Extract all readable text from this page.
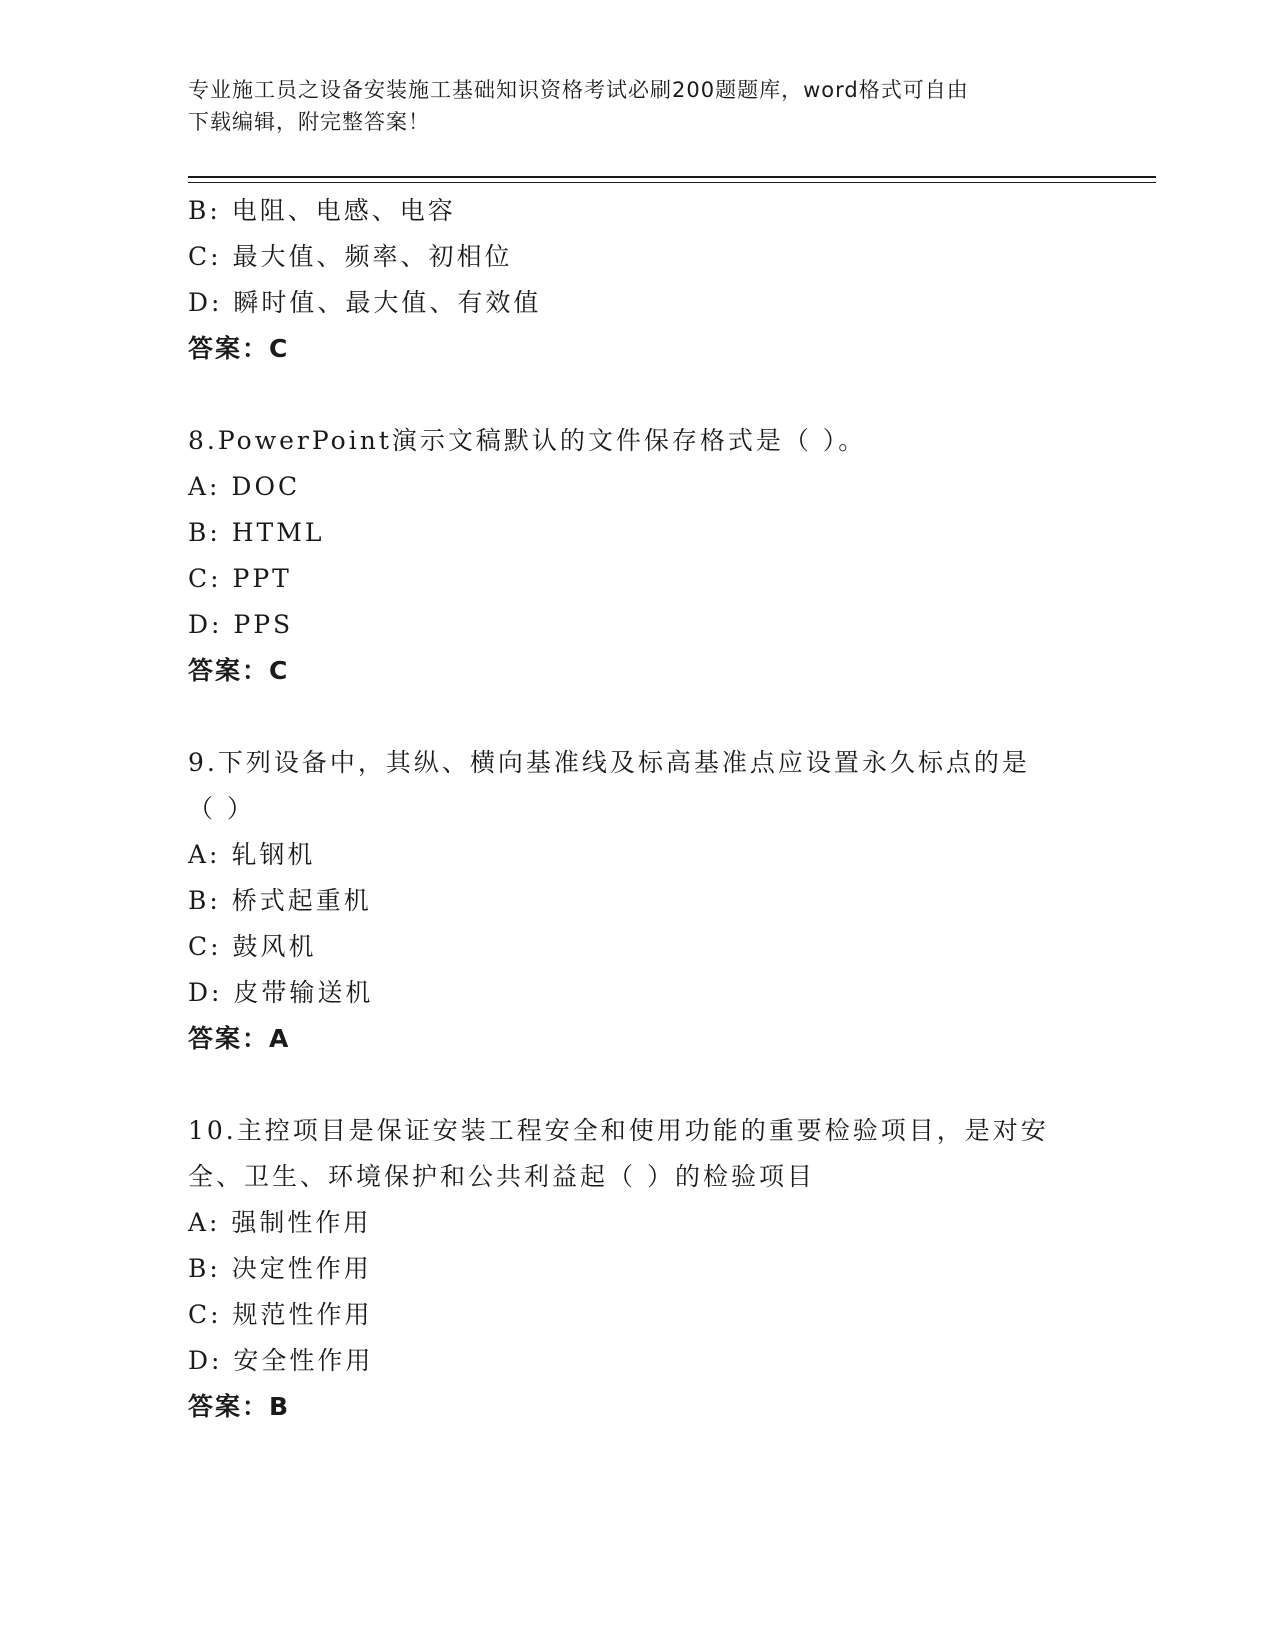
专业施工员之设备安装施工基础知识资格考试必刷200题题库，word格式可自由
下载编辑，附完整答案！
B: 电阻、电感、电容
C: 最大值、频率、初相位
D: 瞬时值、最大值、有效值
答案：C
8.PowerPoint演示文稿默认的文件保存格式是（ ）。
A: DOC
B: HTML
C: PPT
D: PPS
答案：C
9.下列设备中，其纵、横向基准线及标高基准点应设置永久标点的是
（ ）
A: 轧钢机
B: 桥式起重机
C: 鼓风机
D: 皮带输送机
答案：A
10.主控项目是保证安装工程安全和使用功能的重要检验项目，是对安
全、卫生、环境保护和公共利益起（ ）的检验项目
A: 强制性作用
B: 决定性作用
C: 规范性作用
D: 安全性作用
答案：B
